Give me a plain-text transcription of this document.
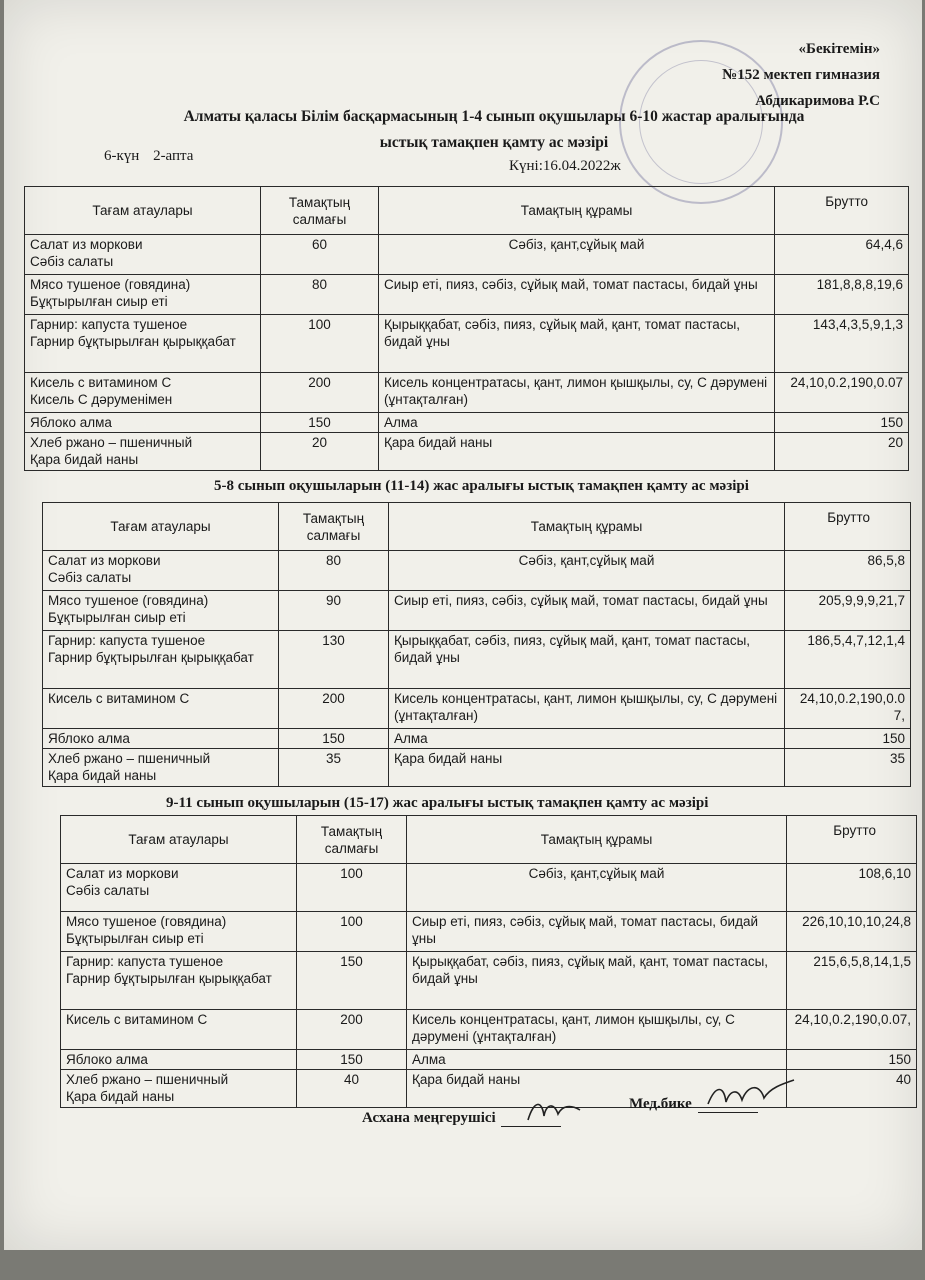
«Бекітемін»
№152 мектеп гимназия
Абдикаримова Р.С
Алматы қаласы Білім басқармасының 1-4 сынып оқушылары 6-10 жастар аралығында
ыстық тамақпен қамту ас мәзірі
6-күн 2-апта
Күні:16.04.2022ж
Тағам атаулары	Тамақтың салмағы	Тамақтың құрамы	Брутто

Салат из моркови
Сәбіз салаты	60	Сәбіз, қант,сұйық май	64,4,6

Мясо тушеное (говядина)
Бұқтырылған сиыр еті	80	Сиыр еті, пияз, сәбіз, сұйық май, томат пастасы, бидай ұны	181,8,8,8,19,6

Гарнир: капуста тушеное
Гарнир бұқтырылған қырыққабат	100	Қырыққабат, сәбіз, пияз, сұйық май, қант, томат пастасы, бидай ұны	143,4,3,5,9,1,3

Кисель с витамином С
Кисель С дәруменімен	200	Кисель концентратасы, қант, лимон қышқылы, су, С дәрумені (ұнтақталған)	24,10,0.2,190,0.07

Яблоко алма	150	Алма	150

Хлеб ржано – пшеничный
Қара бидай наны	20	Қара бидай наны	20
5-8 сынып оқушыларын (11-14) жас аралығы ыстық тамақпен қамту ас мәзірі
Тағам атаулары	Тамақтың салмағы	Тамақтың құрамы	Брутто

Салат из моркови
Сәбіз салаты	80	Сәбіз, қант,сұйық май	86,5,8

Мясо тушеное (говядина)
Бұқтырылған сиыр еті	90	Сиыр еті, пияз, сәбіз, сұйық май, томат пастасы, бидай ұны	205,9,9,9,21,7

Гарнир: капуста тушеное
Гарнир бұқтырылған қырыққабат	130	Қырыққабат, сәбіз, пияз, сұйық май, қант, томат пастасы, бидай ұны	186,5,4,7,12,1,4

Кисель с витамином С	200	Кисель концентратасы, қант, лимон қышқылы, су, С дәрумені (ұнтақталған)	24,10,0.2,190,0.07,

Яблоко алма	150	Алма	150

Хлеб ржано – пшеничный
Қара бидай наны	35	Қара бидай наны	35
9-11 сынып оқушыларын (15-17) жас аралығы ыстық тамақпен қамту ас мәзірі
Тағам атаулары	Тамақтың салмағы	Тамақтың құрамы	Брутто

Салат из моркови
Сәбіз салаты	100	Сәбіз, қант,сұйық май	108,6,10

Мясо тушеное (говядина)
Бұқтырылған сиыр еті	100	Сиыр еті, пияз, сәбіз, сұйық май, томат пастасы, бидай ұны	226,10,10,10,24,8

Гарнир: капуста тушеное
Гарнир бұқтырылған қырыққабат	150	Қырыққабат, сәбіз, пияз, сұйық май, қант, томат пастасы, бидай ұны	215,6,5,8,14,1,5

Кисель с витамином С	200	Кисель концентратасы, қант, лимон қышқылы, су, С дәрумені (ұнтақталған)	24,10,0.2,190,0.07,

Яблоко алма	150	Алма	150

Хлеб ржано – пшеничный
Қара бидай наны	40	Қара бидай наны	40
Асхана меңгерушісі
Мед.бике
